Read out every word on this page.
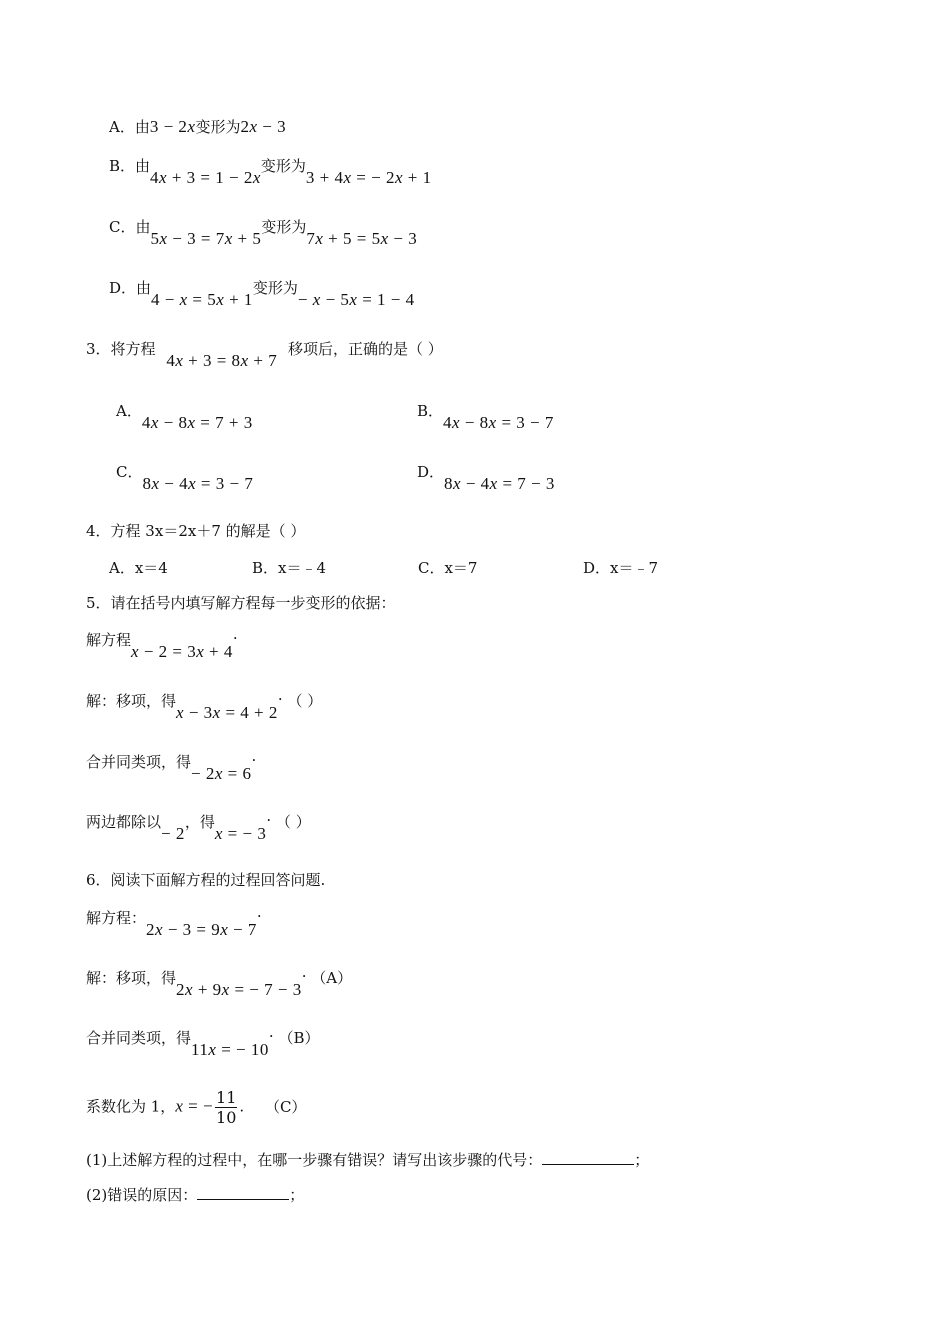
A．由3 − 2x变形为2x − 3
B．由4x + 3 = 1 − 2x变形为3 + 4x = − 2x + 1
C．由5x − 3 = 7x + 5变形为7x + 5 = 5x − 3
D．由4 − x = 5x + 1变形为− x − 5x = 1 − 4
3．将方程 4x + 3 = 8x + 7 移项后，正确的是（ ）
A．4x − 8x = 7 + 3
B．4x − 8x = 3 − 7
C．8x − 4x = 3 − 7
D．8x − 4x = 7 − 3
4．方程 3x＝2x＋7 的解是（ ）
A．x＝4	B．x＝﹣4	C．x＝7	D．x＝﹣7
5．请在括号内填写解方程每一步变形的依据：
解方程x − 2 = 3x + 4.
解：移项，得x − 3x = 4 + 2. （ ）
合并同类项，得− 2x = 6.
两边都除以− 2，得x = − 3. （ ）
6．阅读下面解方程的过程回答问题.
解方程：2x − 3 = 9x − 7.
解：移项，得2x + 9x = − 7 − 3. （A）
合并同类项，得11x = − 10. （B）
系数化为 1，x = − $\frac{11}{10}$ . （C）
(1)上述解方程的过程中，在哪一步骤有错误？请写出该步骤的代号：	；
(2)错误的原因：	；
